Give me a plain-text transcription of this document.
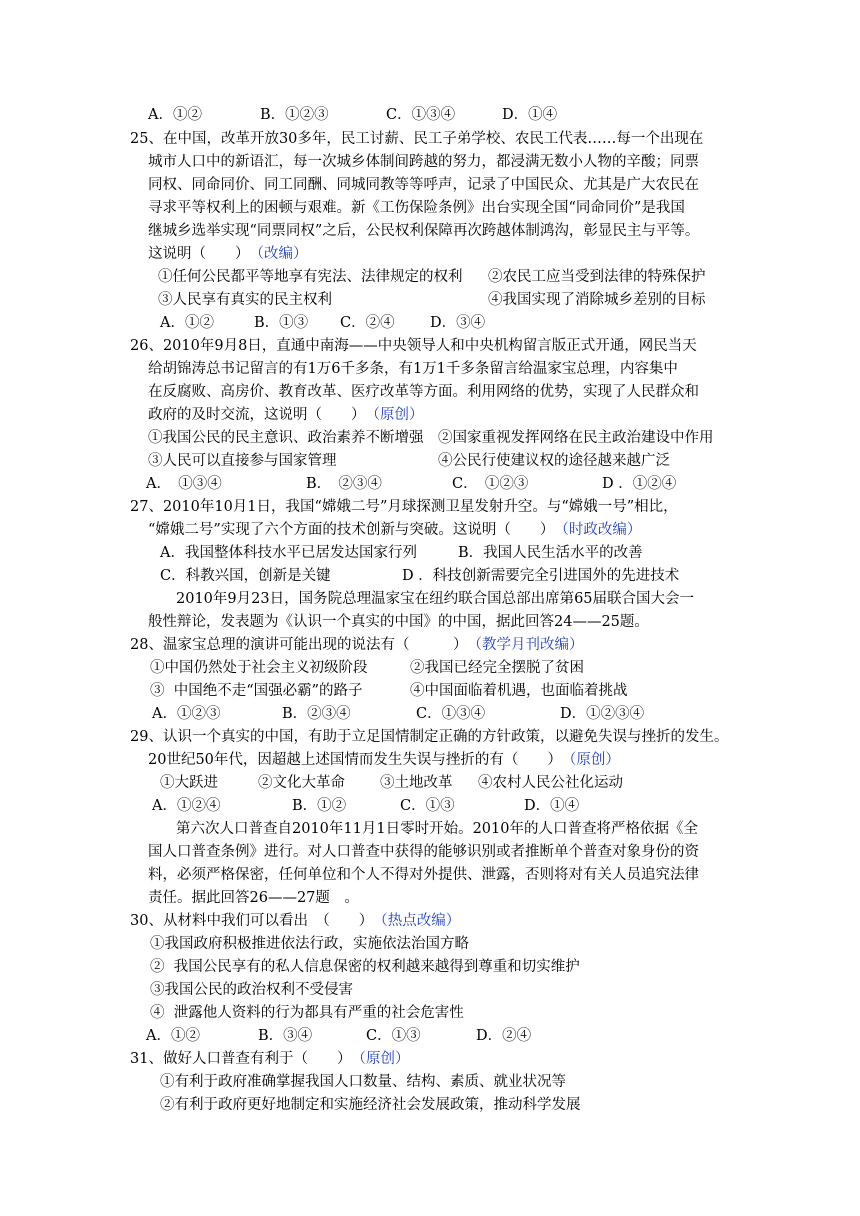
A．①②	B．①②③	C．①③④	D．①④
25、 在中国，改革开放30多年，民工讨薪、民工子弟学校、农民工代表……每一个出现在
城市人口中的新语汇，每一次城乡体制间跨越的努力，都浸满无数小人物的辛酸；同票
同权、同命同价、同工同酬、同城同教等等呼声，记录了中国民众、尤其是广大农民在
寻求平等权利上的困顿与艰难。新《工伤保险条例》出台实现全国“同命同价”是我国
继城乡选举实现“同票同权”之后，公民权利保障再次跨越体制鸿沟，彰显民主与平等。
这说明（　　） （改编）
①任何公民都平等地享有宪法、法律规定的权利	②农民工应当受到法律的特殊保护
③人民享有真实的民主权利	④我国实现了消除城乡差别的目标
A．①②	B．①③	C．②④	D．③④
26、 2010年9月8日，直通中南海——中央领导人和中央机构留言版正式开通，网民当天
给胡锦涛总书记留言的有1万6千多条，有1万1千多条留言给温家宝总理，内容集中
在反腐败、高房价、教育改革、医疗改革等方面。利用网络的优势，实现了人民群众和
政府的及时交流，这说明（　　） （原创）
①我国公民的民主意识、政治素养不断增强	②国家重视发挥网络在民主政治建设中作用
③人民可以直接参与国家管理	④公民行使建议权的途径越来越广泛
A．　①③④	B．　②③④	C．　①②③	D ．①②④
27、 2010年10月1日，我国“嫦娥二号”月球探测卫星发射升空。与“嫦娥一号”相比，
“嫦娥二号”实现了六个方面的技术创新与突破。这说明（　　） （时政改编）
A．我国整体科技水平已居发达国家行列	B．我国人民生活水平的改善
C．科教兴国，创新是关键	D ．科技创新需要完全引进国外的先进技术
2010年9月23日，国务院总理温家宝在纽约联合国总部出席第65届联合国大会一
般性辩论，发表题为《认识一个真实的中国》的中国，据此回答24——25题。
28、 温家宝总理的演讲可能出现的说法有（　　　） （教学月刊改编）
①中国仍然处于社会主义初级阶段	②我国已经完全摆脱了贫困
③  中国绝不走“国强必霸”的路子	④中国面临着机遇，也面临着挑战
A．①②③	B．②③④	C．①③④	D．①②③④
29、 认识一个真实的中国，有助于立足国情制定正确的方针政策，以避免失误与挫折的发生。
20世纪50年代，因超越上述国情而发生失误与挫折的有（　　） （原创）
①大跃进	②文化大革命	③土地改革	④农村人民公社化运动
A．①②④	B．①②	C．①③	D．①④
第六次人口普查自2010年11月1日零时开始。2010年的人口普查将严格依据《全
国人口普查条例》进行。对人口普查中获得的能够识别或者推断单个普查对象身份的资
料，必须严格保密，任何单位和个人不得对外提供、泄露，否则将对有关人员追究法律
责任。据此回答26——27题　。
30、 从材料中我们可以看出　（　　） （热点改编）
①我国政府积极推进依法行政，实施依法治国方略
②  我国公民享有的私人信息保密的权利越来越得到尊重和切实维护
③我国公民的政治权利不受侵害
④  泄露他人资料的行为都具有严重的社会危害性
A．①②	B．③④	C．①③	D．②④
31、 做好人口普查有利于（　　） （原创）
①有利于政府准确掌握我国人口数量、结构、素质、就业状况等
②有利于政府更好地制定和实施经济社会发展政策，推动科学发展
